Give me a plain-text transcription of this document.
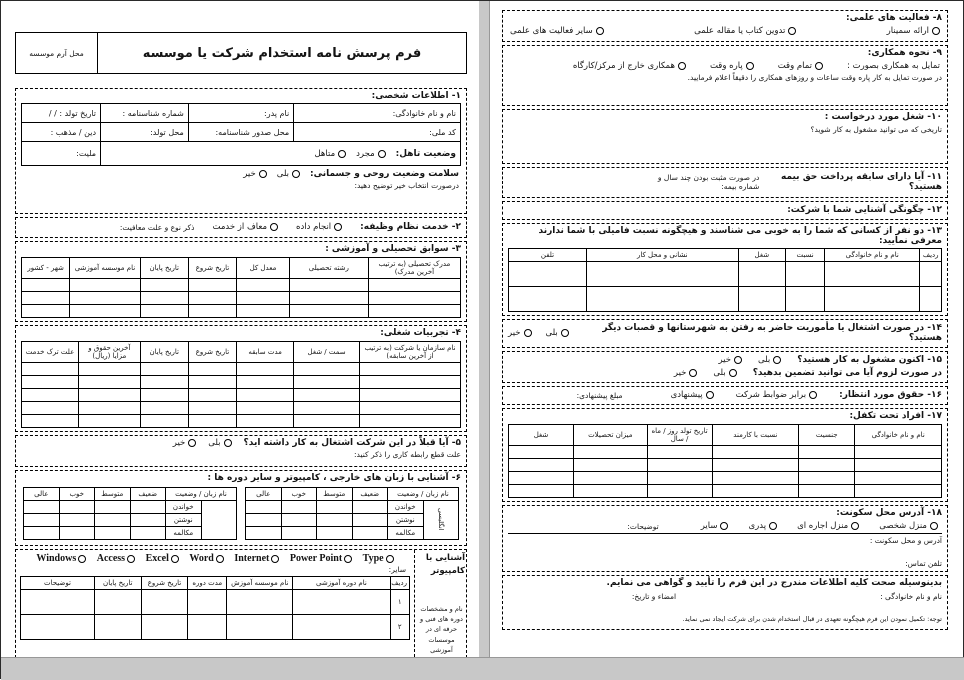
فرم پرسش نامه استخدام شرکت یا موسسه
محل آرم موسسه
۱- اطلاعات شخصی:
نام و نام خانوادگی:	نام پدر:	شماره شناسنامه :	تاریخ تولد : / /
کد ملی:	محل صدور شناسنامه:	محل تولد:	دین / مذهب :

وضعیت تاهل:
مجرد
متاهل			ملیت:
سلامت وضعیت روحی و جسمانی:
بلی
خیر
درصورت انتخاب خیر توضیح دهید:
۲- خدمت نظام وظیفه:
انجام داده
معاف از خدمت
ذکر نوع و علت معافیت:
۳- سوابق تحصیلی و آموزشی :
مدرک تحصیلی (به ترتیب آخرین مدرک)	رشته تحصیلی	معدل کل	تاریخ شروع	تاریخ پایان	نام موسسه آموزشی	شهر - کشور

۴- تجربیات شغلی:
نام سازمان یا شرکت (به ترتیب از آخرین سابقه)	سمت / شغل	مدت سابقه	تاریخ شروع	تاریخ پایان	آخرین حقوق و مزایا (ریال)	علت ترک خدمت

۵- آیا قبلاً در این شرکت اشتغال به کار داشته اید؟
بلی
خیر
علت قطع رابطه کاری را ذکر کنید:
۶- آشنایی با زبان های خارجی ، کامپیوتر و سایر دوره ها :
نام زبان / وضعیت		ضعیف	متوسط	خوب	عالی
انگلیسی	خواندن				
	نوشتن				
	مکالمه				
نام زبان / وضعیت		ضعیف	متوسط	خوب	عالی
	خواندن				
	نوشتن				
	مکالمه				
آشنایی با کامپیوتر
نام و مشخصات دوره های فنی و حرفه ای در موسسات آموزشی
Windows
Access
Excel
Word
Internet
Power Point
Type
سایر:
ردیف	نام دوره آموزشی	نام موسسه آموزش	مدت دوره	تاریخ شروع	تاریخ پایان	توضیحات
۱						
۲						
۸- فعالیت های علمی:
ارائه سمینار
تدوین کتاب یا مقاله علمی
سایر فعالیت های علمی
۹- نحوه همکاری:
تمایل به همکاری بصورت :
تمام وقت
پاره وقت
همکاری خارج از مرکز/کارگاه
در صورت تمایل به کار پاره وقت ساعات و روزهای همکاری را دقیقاً اعلام فرمایید.
۱۰- شغل مورد درخواست :
تاریخی که می توانید مشغول به کار شوید؟
۱۱- آیا دارای سابقه پرداخت حق بیمه هستید؟
در صورت مثبت بودن چند سال و شماره بیمه:
۱۲- چگونگی آشنایی شما با شرکت:
۱۳- دو نفر از کسانی که شما را به خوبی می شناسند و هیچگونه نسبت فامیلی با شما ندارند
معرفی نمایید:
ردیف	نام و نام خانوادگی	نسبت	شغل	نشانی و محل کار	تلفن

۱۴- در صورت اشتغال یا مأموریت حاضر به رفتن به شهرستانها و قصبات دیگر هستید؟
بلی
خیر
۱۵- اکنون مشغول به کار هستید؟
بلی
خیر
در صورت لزوم آیا می توانید تضمین بدهید؟
بلی
خیر
۱۶- حقوق مورد انتظار:
برابر ضوابط شرکت
پیشنهادی
مبلغ پیشنهادی:
۱۷- افراد تحت تکفل:
نام و نام خانوادگی	جنسیت	نسبت با کارمند	تاریخ تولد روز / ماه / سال	میزان تحصیلات	شغل

۱۸- آدرس محل سکونت:
منزل شخصی
منزل اجاره ای
پدری
سایر
توضیحات:
آدرس و محل سکونت :
تلفن تماس:
بدینوسیله صحت کلیه اطلاعات مندرج در این فرم را تأیید و گواهی می نمایم.
نام و نام خانوادگی :
امضاء و تاریخ:
توجه: تکمیل نمودن این فرم هیچگونه تعهدی در قبال استخدام شدن برای شرکت ایجاد نمی نماید.
